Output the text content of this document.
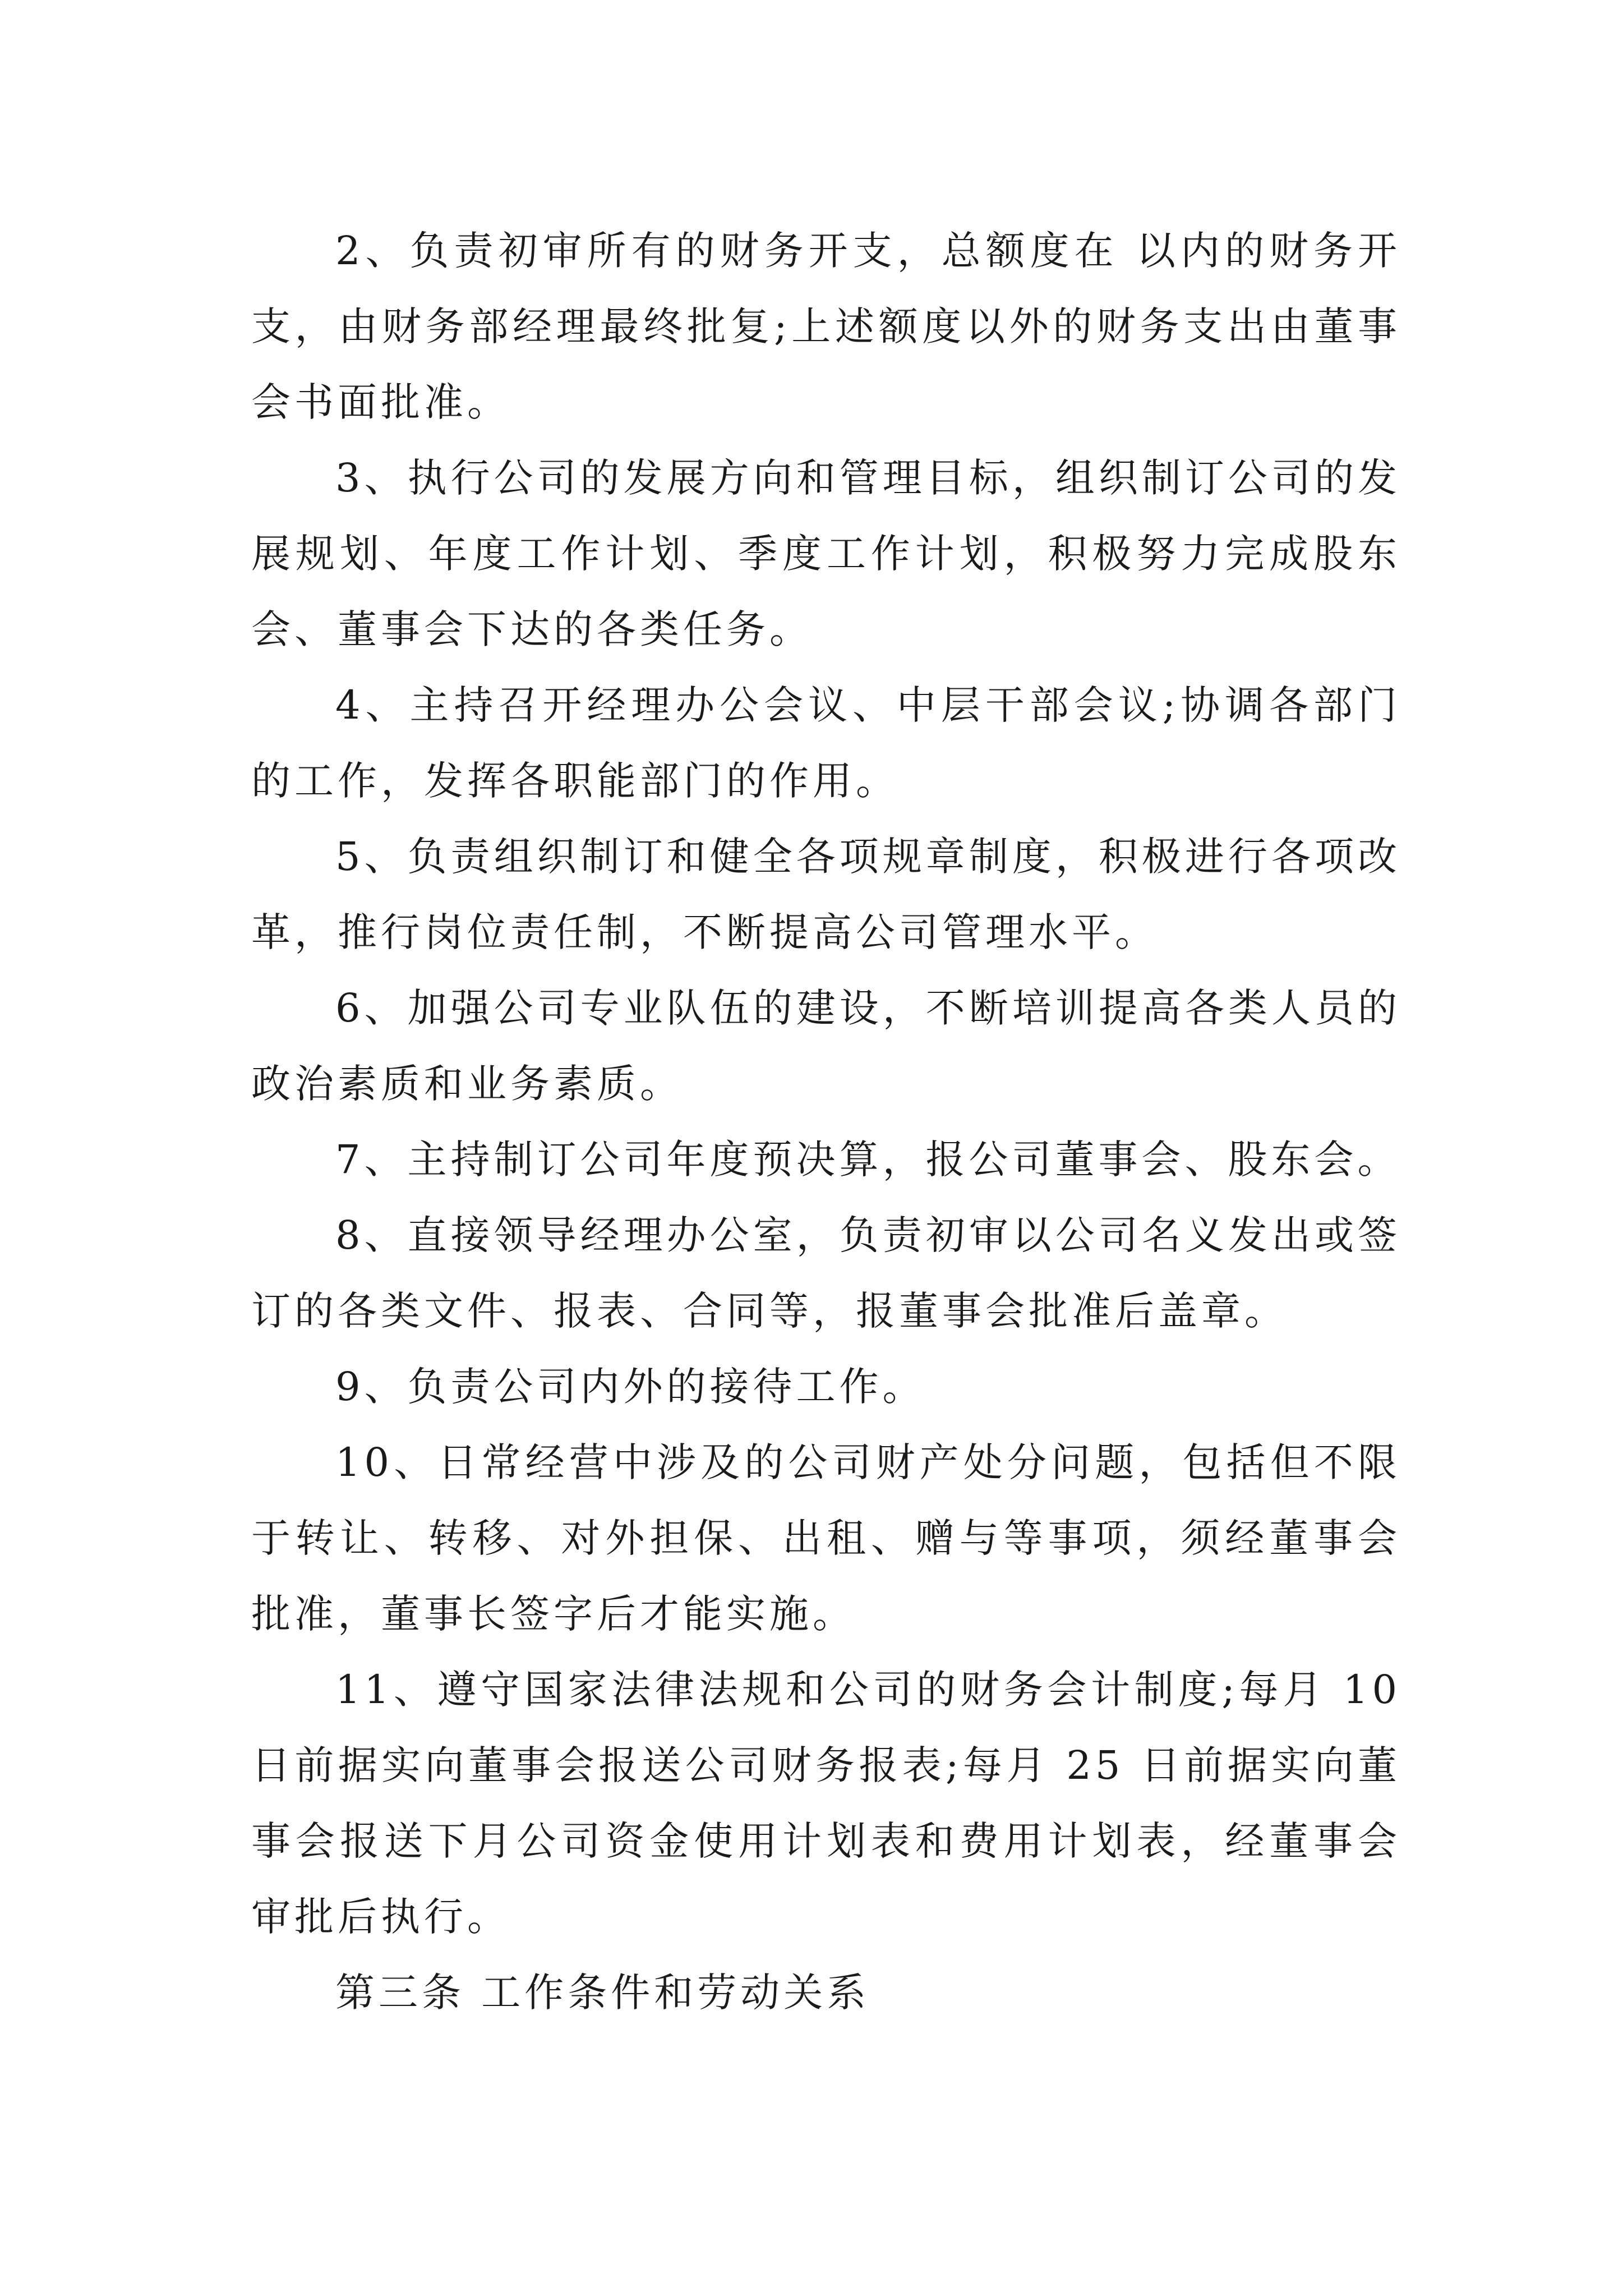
2、负责初审所有的财务开支，总额度在 以内的财务开支，由财务部经理最终批复;上述额度以外的财务支出由董事会书面批准。

3、执行公司的发展方向和管理目标，组织制订公司的发展规划、年度工作计划、季度工作计划，积极努力完成股东会、董事会下达的各类任务。

4、主持召开经理办公会议、中层干部会议;协调各部门的工作，发挥各职能部门的作用。

5、负责组织制订和健全各项规章制度，积极进行各项改革，推行岗位责任制，不断提高公司管理水平。

6、加强公司专业队伍的建设，不断培训提高各类人员的政治素质和业务素质。

7、主持制订公司年度预决算，报公司董事会、股东会。

8、直接领导经理办公室，负责初审以公司名义发出或签订的各类文件、报表、合同等，报董事会批准后盖章。

9、负责公司内外的接待工作。

10、日常经营中涉及的公司财产处分问题，包括但不限于转让、转移、对外担保、出租、赠与等事项，须经董事会批准，董事长签字后才能实施。

11、遵守国家法律法规和公司的财务会计制度;每月 10 日前据实向董事会报送公司财务报表;每月 25 日前据实向董事会报送下月公司资金使用计划表和费用计划表，经董事会审批后执行。

第三条 工作条件和劳动关系
